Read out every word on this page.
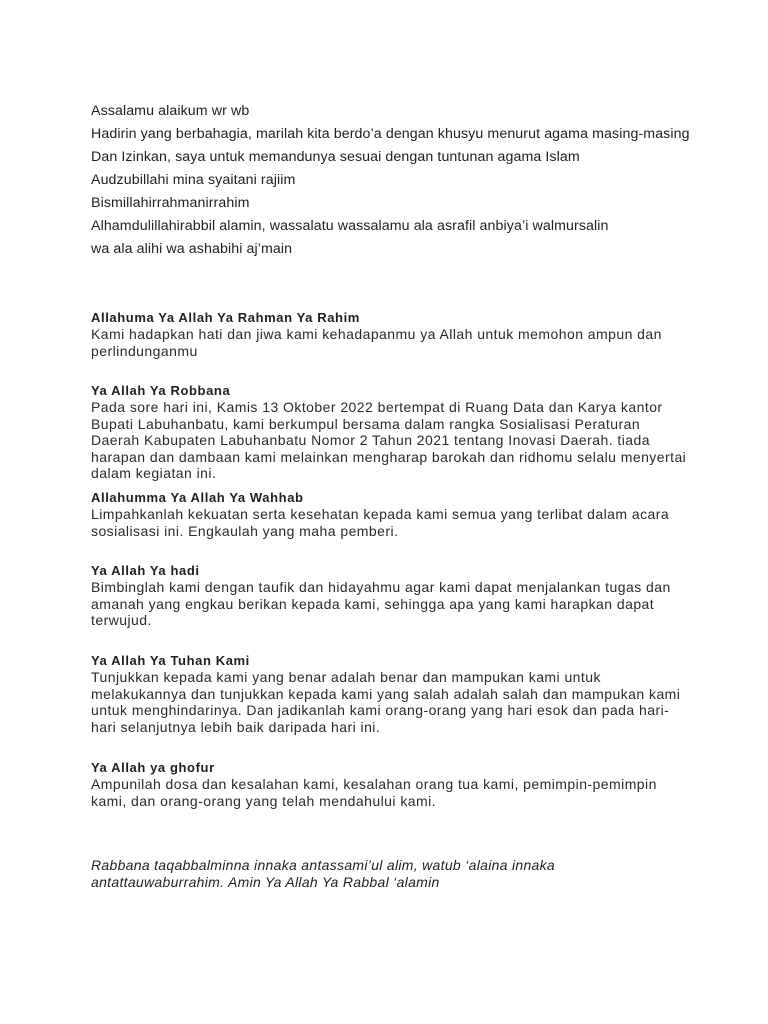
Assalamu alaikum wr wb

Hadirin yang berbahagia, marilah kita berdo’a dengan khusyu menurut agama masing-masing

Dan Izinkan, saya untuk memandunya sesuai dengan tuntunan agama Islam

Audzubillahi mina syaitani rajiim

Bismillahirrahmanirrahim

Alhamdulillahirabbil alamin, wassalatu wassalamu ala asrafil anbiya’i walmursalin

wa ala alihi wa ashabihi aj’main

Allahuma Ya Allah Ya Rahman Ya Rahim

Kami hadapkan hati dan jiwa kami kehadapanmu ya Allah untuk memohon ampun dan perlindunganmu

Ya Allah Ya Robbana

Pada sore hari ini, Kamis 13 Oktober 2022 bertempat di Ruang Data dan Karya kantor Bupati Labuhanbatu, kami berkumpul bersama dalam rangka Sosialisasi Peraturan Daerah Kabupaten Labuhanbatu Nomor 2 Tahun 2021 tentang Inovasi Daerah. tiada harapan dan dambaan kami melainkan mengharap barokah dan ridhomu selalu menyertai dalam kegiatan ini.

Allahumma Ya Allah Ya Wahhab

Limpahkanlah kekuatan serta kesehatan kepada kami semua yang terlibat dalam acara sosialisasi ini. Engkaulah yang maha pemberi.

Ya Allah Ya hadi

Bimbinglah kami dengan taufik dan hidayahmu agar kami dapat menjalankan tugas dan amanah yang engkau berikan kepada kami, sehingga apa yang kami harapkan dapat terwujud.

Ya Allah Ya Tuhan Kami

Tunjukkan kepada kami yang benar adalah benar dan mampukan kami untuk melakukannya dan tunjukkan kepada kami yang salah adalah salah dan mampukan kami untuk menghindarinya. Dan jadikanlah kami orang-orang yang hari esok dan pada hari-hari selanjutnya lebih baik daripada hari ini.

Ya Allah ya ghofur

Ampunilah dosa dan kesalahan kami, kesalahan orang tua kami, pemimpin-pemimpin kami, dan orang-orang yang telah mendahului kami.

Rabbana taqabbalminna innaka antassami’ul alim, watub ‘alaina innaka antattauwaburrahim. Amin Ya Allah Ya Rabbal ‘alamin
